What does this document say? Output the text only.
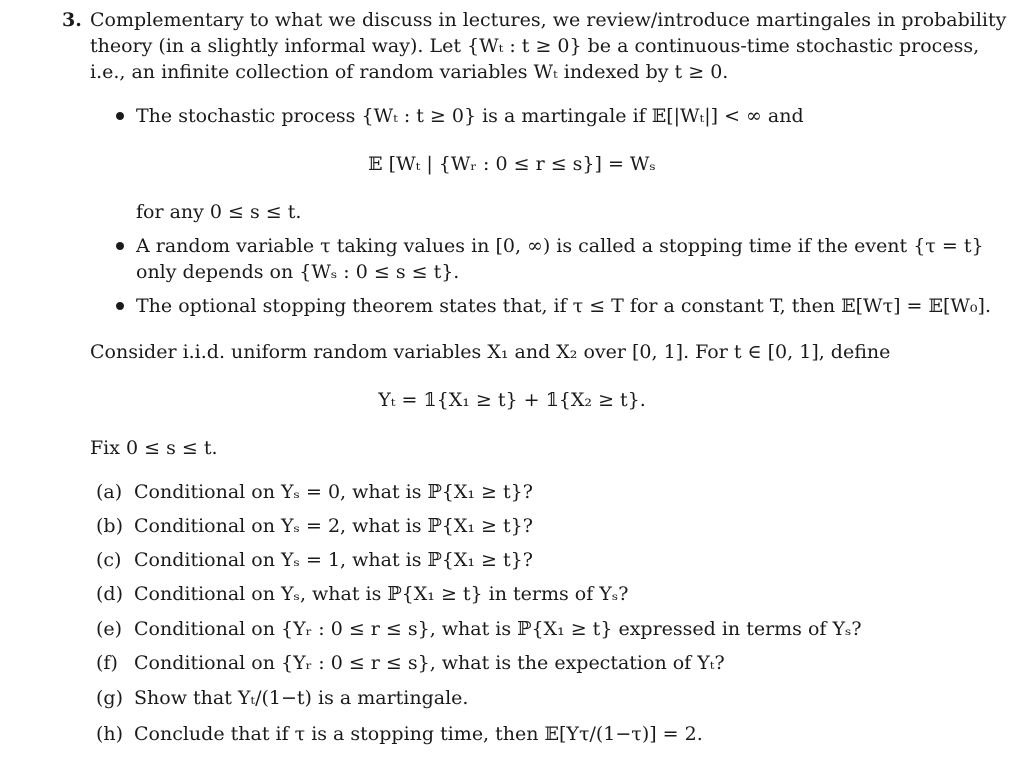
3. Complementary to what we discuss in lectures, we review/introduce martingales in probability
theory (in a slightly informal way). Let {Wₜ : t ≥ 0} be a continuous-time stochastic process,
i.e., an infinite collection of random variables Wₜ indexed by t ≥ 0.
The stochastic process {Wₜ : t ≥ 0} is a martingale if 𝔼[|Wₜ|] < ∞ and
𝔼 [Wₜ | {Wᵣ : 0 ≤ r ≤ s}] = Wₛ
for any 0 ≤ s ≤ t.
A random variable τ taking values in [0, ∞) is called a stopping time if the event {τ = t}
only depends on {Wₛ : 0 ≤ s ≤ t}.
The optional stopping theorem states that, if τ ≤ T for a constant T, then 𝔼[Wτ] = 𝔼[W₀].
Consider i.i.d. uniform random variables X₁ and X₂ over [0, 1]. For t ∈ [0, 1], define
Yₜ = 𝟙{X₁ ≥ t} + 𝟙{X₂ ≥ t}.
Fix 0 ≤ s ≤ t.
(a) Conditional on Yₛ = 0, what is ℙ{X₁ ≥ t}?
(b) Conditional on Yₛ = 2, what is ℙ{X₁ ≥ t}?
(c) Conditional on Yₛ = 1, what is ℙ{X₁ ≥ t}?
(d) Conditional on Yₛ, what is ℙ{X₁ ≥ t} in terms of Yₛ?
(e) Conditional on {Yᵣ : 0 ≤ r ≤ s}, what is ℙ{X₁ ≥ t} expressed in terms of Yₛ?
(f) Conditional on {Yᵣ : 0 ≤ r ≤ s}, what is the expectation of Yₜ?
(g) Show that Yₜ/(1−t) is a martingale.
(h) Conclude that if τ is a stopping time, then 𝔼[Yτ/(1−τ)] = 2.
